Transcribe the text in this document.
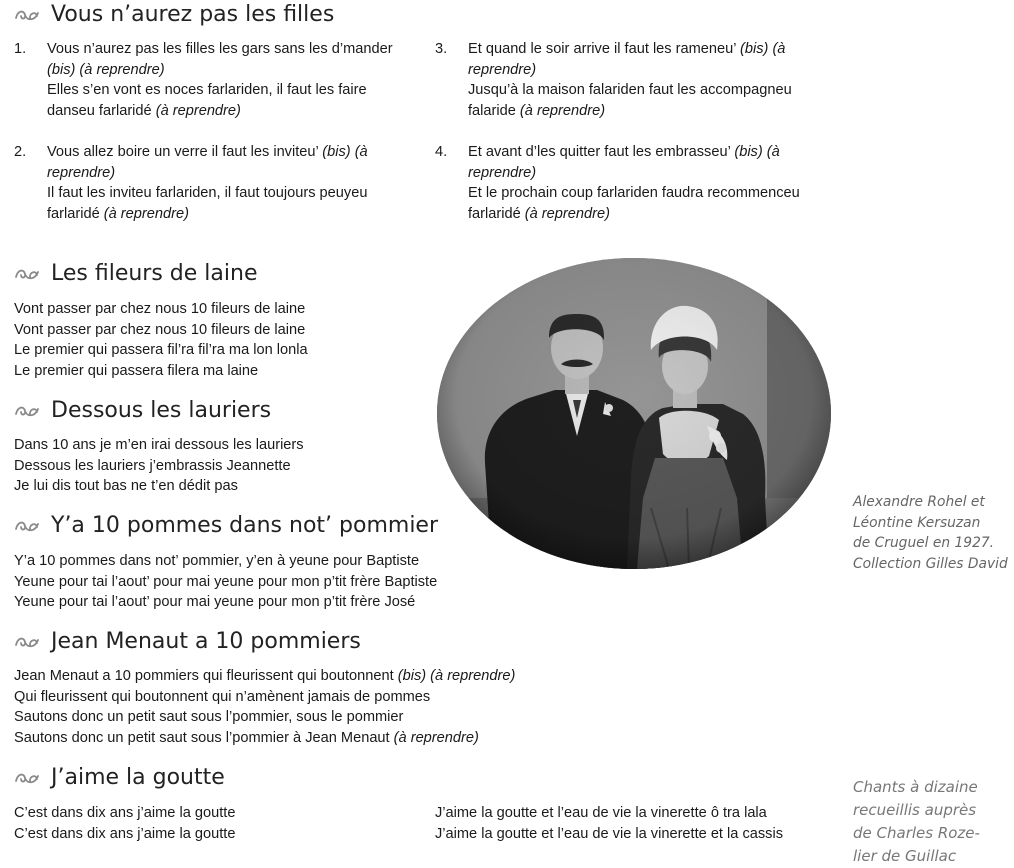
Vous n’aurez pas les filles
1.	Vous n’aurez pas les filles les gars sans les d’mander
(bis) (à reprendre)
Elles s’en vont es noces farlariden, il faut les faire
danseu farlaridé (à reprendre)
2.	Vous allez boire un verre il faut les inviteu’ (bis) (à
reprendre)
Il faut les inviteu farlariden, il faut toujours peuyeu
farlaridé (à reprendre)
3.	Et quand le soir arrive il faut les rameneu’ (bis) (à
reprendre)
Jusqu’à la maison falariden faut les accompagneu
falaride (à reprendre)
4.	Et avant d’les quitter faut les embrasseu’ (bis) (à
reprendre)
Et le prochain coup farlariden faudra recommenceu
farlaridé (à reprendre)
Les fileurs de laine
Vont passer par chez nous 10 fileurs de laine
Vont passer par chez nous 10 fileurs de laine
Le premier qui passera fil’ra fil’ra ma lon lonla
Le premier qui passera filera ma laine
Dessous les lauriers
Dans 10 ans je m’en irai dessous les lauriers
Dessous les lauriers j’embrassis Jeannette
Je lui dis tout bas ne t’en dédit pas
Y’a 10 pommes dans not’ pommier
Y’a 10 pommes dans not’ pommier, y’en à yeune pour Baptiste
Yeune pour tai l’aout’ pour mai yeune pour mon p’tit frère Baptiste
Yeune pour tai l’aout’ pour mai yeune pour mon p’tit frère José
Jean Menaut a 10 pommiers
Jean Menaut a 10 pommiers qui fleurissent qui boutonnent (bis) (à reprendre)
Qui fleurissent qui boutonnent qui n’amènent jamais de pommes
Sautons donc un petit saut sous l’pommier, sous le pommier
Sautons donc un petit saut sous l’pommier à Jean Menaut (à reprendre)
J’aime la goutte
C’est dans dix ans j’aime la goutte
C’est dans dix ans j’aime la goutte
J’aime la goutte et l’eau de vie la vinerette ô tra lala
J’aime la goutte et l’eau de vie la vinerette et la cassis
Alexandre Rohel et
Léontine Kersuzan
de Cruguel en 1927.
Collection Gilles David
Chants à dizaine
recueillis auprès
de Charles Roze-
lier de Guillac
